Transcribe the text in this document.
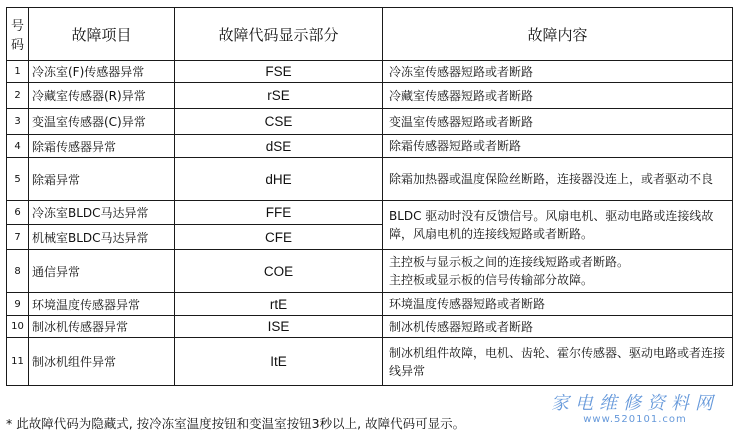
号码	故障项目	故障代码显示部分	故障内容
1	冷冻室(F)传感器异常	FSE	冷冻室传感器短路或者断路
2	冷藏室传感器(R)异常	rSE	冷藏室传感器短路或者断路
3	变温室传感器(C)异常	CSE	变温室传感器短路或者断路
4	除霜传感器异常	dSE	除霜传感器短路或者断路
5	除霜异常	dHE	除霜加热器或温度保险丝断路，连接器没连上，或者驱动不良
6	冷冻室BLDC马达异常	FFE	BLDC 驱动时没有反馈信号。风扇电机、驱动电路或连接线故障，风扇电机的连接线短路或者断路。
7	机械室BLDC马达异常	CFE	
8	通信异常	COE	主控板与显示板之间的连接线短路或者断路。
主控板或显示板的信号传输部分故障。

9	环境温度传感器异常	rtE	环境温度传感器短路或者断路
10	制冰机传感器异常	ISE	制冰机传感器短路或者断路
11	制冰机组件异常	ItE	制冰机组件故障，电机、齿轮、霍尔传感器、驱动电路或者连接线异常
* 此故障代码为隐藏式, 按冷冻室温度按钮和变温室按钮3秒以上, 故障代码可显示。
家电维修资料网
www.520101.com
